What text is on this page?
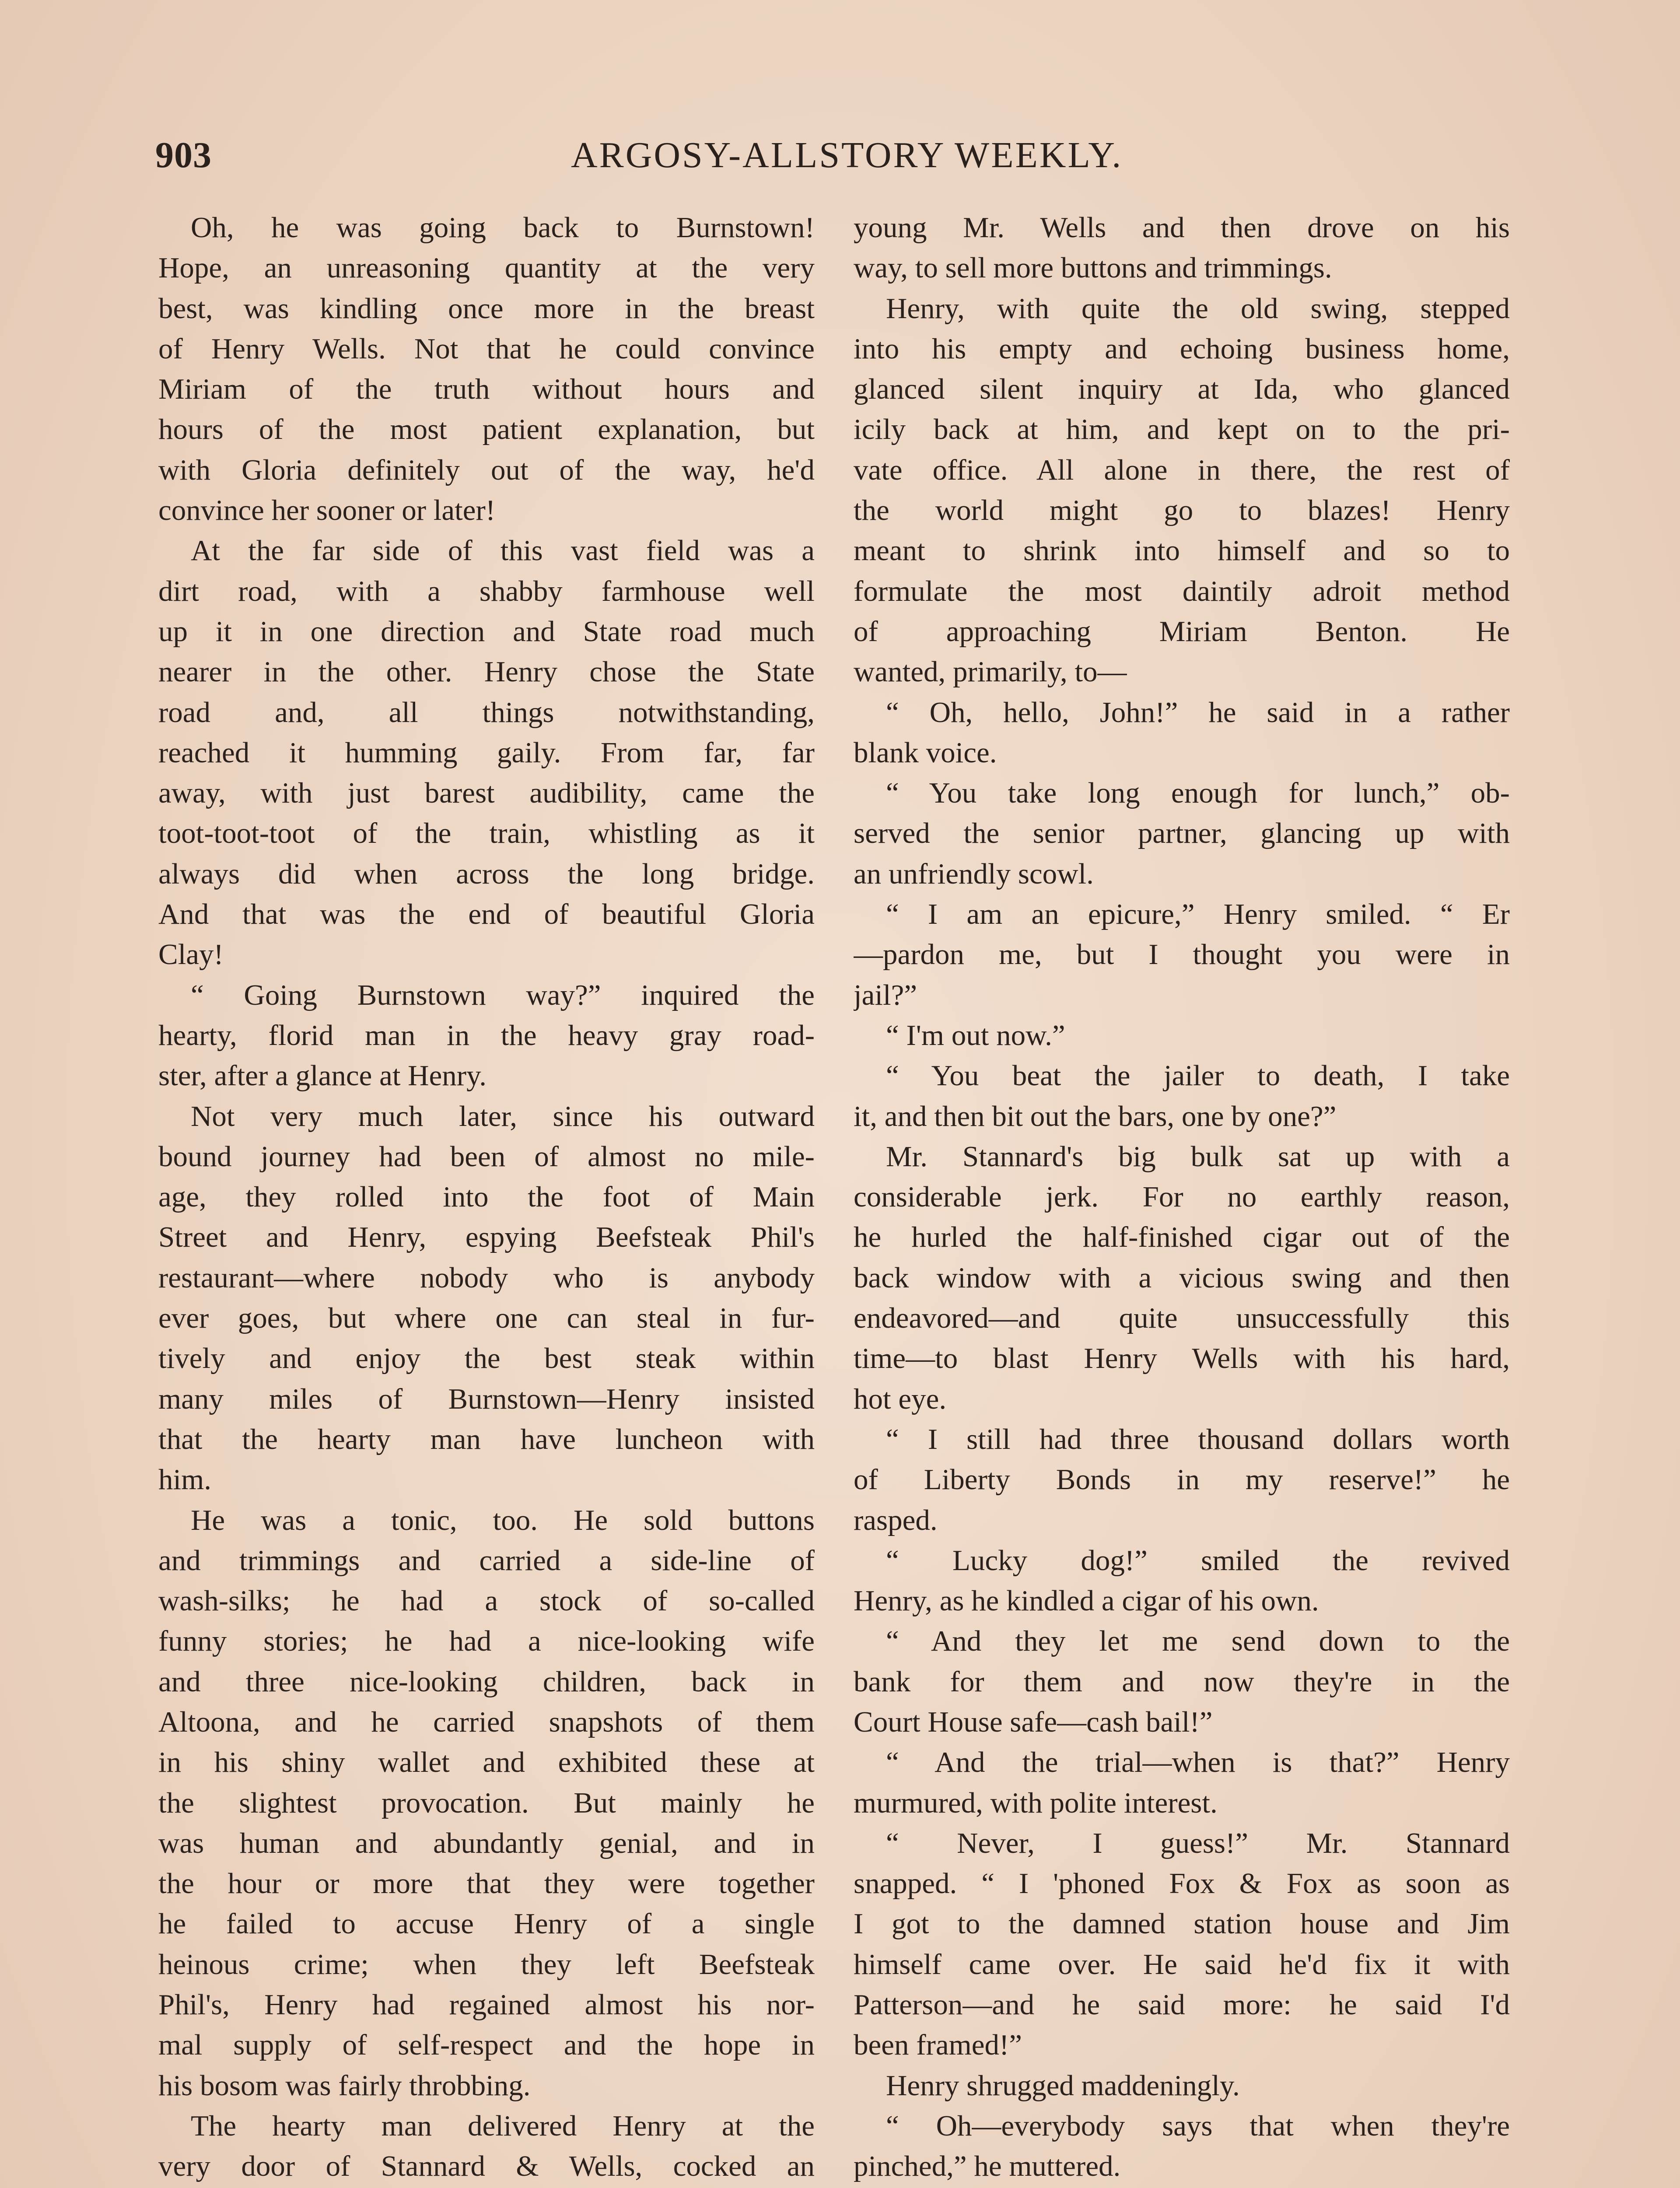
903	ARGOSY-ALLSTORY WEEKLY.
Oh, he was going back to Burnstown!
Hope, an unreasoning quantity at the very
best, was kindling once more in the breast
of Henry Wells. Not that he could convince
Miriam of the truth without hours and
hours of the most patient explanation, but
with Gloria definitely out of the way, he'd
convince her sooner or later!
At the far side of this vast field was a
dirt road, with a shabby farmhouse well
up it in one direction and State road much
nearer in the other. Henry chose the State
road and, all things notwithstanding,
reached it humming gaily. From far, far
away, with just barest audibility, came the
toot-toot-toot of the train, whistling as it
always did when across the long bridge.
And that was the end of beautiful Gloria
Clay!
“ Going Burnstown way?” inquired the
hearty, florid man in the heavy gray road-
ster, after a glance at Henry.
Not very much later, since his outward
bound journey had been of almost no mile-
age, they rolled into the foot of Main
Street and Henry, espying Beefsteak Phil's
restaurant—where nobody who is anybody
ever goes, but where one can steal in fur-
tively and enjoy the best steak within
many miles of Burnstown—Henry insisted
that the hearty man have luncheon with
him.
He was a tonic, too. He sold buttons
and trimmings and carried a side-line of
wash-silks; he had a stock of so-called
funny stories; he had a nice-looking wife
and three nice-looking children, back in
Altoona, and he carried snapshots of them
in his shiny wallet and exhibited these at
the slightest provocation. But mainly he
was human and abundantly genial, and in
the hour or more that they were together
he failed to accuse Henry of a single
heinous crime; when they left Beefsteak
Phil's, Henry had regained almost his nor-
mal supply of self-respect and the hope in
his bosom was fairly throbbing.
The hearty man delivered Henry at the
very door of Stannard & Wells, cocked an
young Mr. Wells and then drove on his
way, to sell more buttons and trimmings.
Henry, with quite the old swing, stepped
into his empty and echoing business home,
glanced silent inquiry at Ida, who glanced
icily back at him, and kept on to the pri-
vate office. All alone in there, the rest of
the world might go to blazes! Henry
meant to shrink into himself and so to
formulate the most daintily adroit method
of approaching Miriam Benton. He
wanted, primarily, to—
“ Oh, hello, John!” he said in a rather
blank voice.
“ You take long enough for lunch,” ob-
served the senior partner, glancing up with
an unfriendly scowl.
“ I am an epicure,” Henry smiled. “ Er
—pardon me, but I thought you were in
jail?”
“ I'm out now.”
“ You beat the jailer to death, I take
it, and then bit out the bars, one by one?”
Mr. Stannard's big bulk sat up with a
considerable jerk. For no earthly reason,
he hurled the half-finished cigar out of the
back window with a vicious swing and then
endeavored—and quite unsuccessfully this
time—to blast Henry Wells with his hard,
hot eye.
“ I still had three thousand dollars worth
of Liberty Bonds in my reserve!” he
rasped.
“ Lucky dog!” smiled the revived
Henry, as he kindled a cigar of his own.
“ And they let me send down to the
bank for them and now they're in the
Court House safe—cash bail!”
“ And the trial—when is that?” Henry
murmured, with polite interest.
“ Never, I guess!” Mr. Stannard
snapped. “ I 'phoned Fox & Fox as soon as
I got to the damned station house and Jim
himself came over. He said he'd fix it with
Patterson—and he said more: he said I'd
been framed!”
Henry shrugged maddeningly.
“ Oh—everybody says that when they're
pinched,” he muttered.
